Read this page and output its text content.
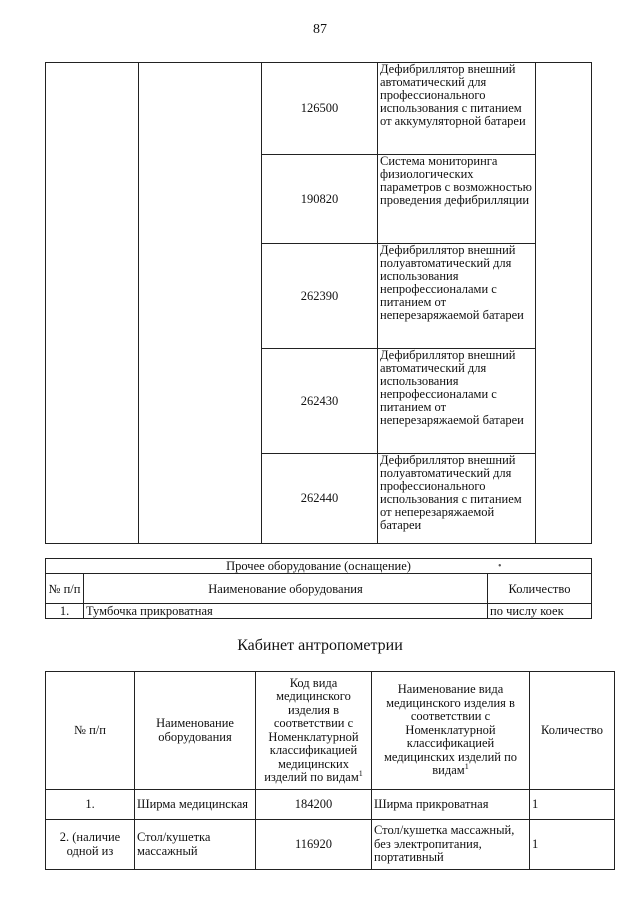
87
		126500	Дефибриллятор внешний автоматический для профессионального использования с питанием от аккумуляторной батареи	
		190820	Система мониторинга физиологических параметров с возможностью проведения дефибрилляции	
		262390	Дефибриллятор внешний полуавтоматический для использования непрофессионалами с питанием от неперезаряжаемой батареи	
		262430	Дефибриллятор внешний автоматический для использования непрофессионалами с питанием от неперезаряжаемой батареи	
		262440	Дефибриллятор внешний полуавтоматический для профессионального использования с питанием от неперезаряжаемой батареи	
Прочее оборудование (оснащение)		
№ п/п	Наименование оборудования	Количество
1.	Тумбочка прикроватная	по числу коек
Кабинет антропометрии
№ п/п	Наименование оборудования	Код вида медицинского изделия в соответствии с Номенклатурной классификацией медицинских изделий по видам$^1$	Наименование вида медицинского изделия в соответствии с Номенклатурной классификацией медицинских изделий по видам$^1$	Количество
1.	Ширма медицинская	184200	Ширма прикроватная	1
2. (наличие одной из	Стол/кушетка массажный	116920	Стол/кушетка массажный, без электропитания, портативный	1
•
